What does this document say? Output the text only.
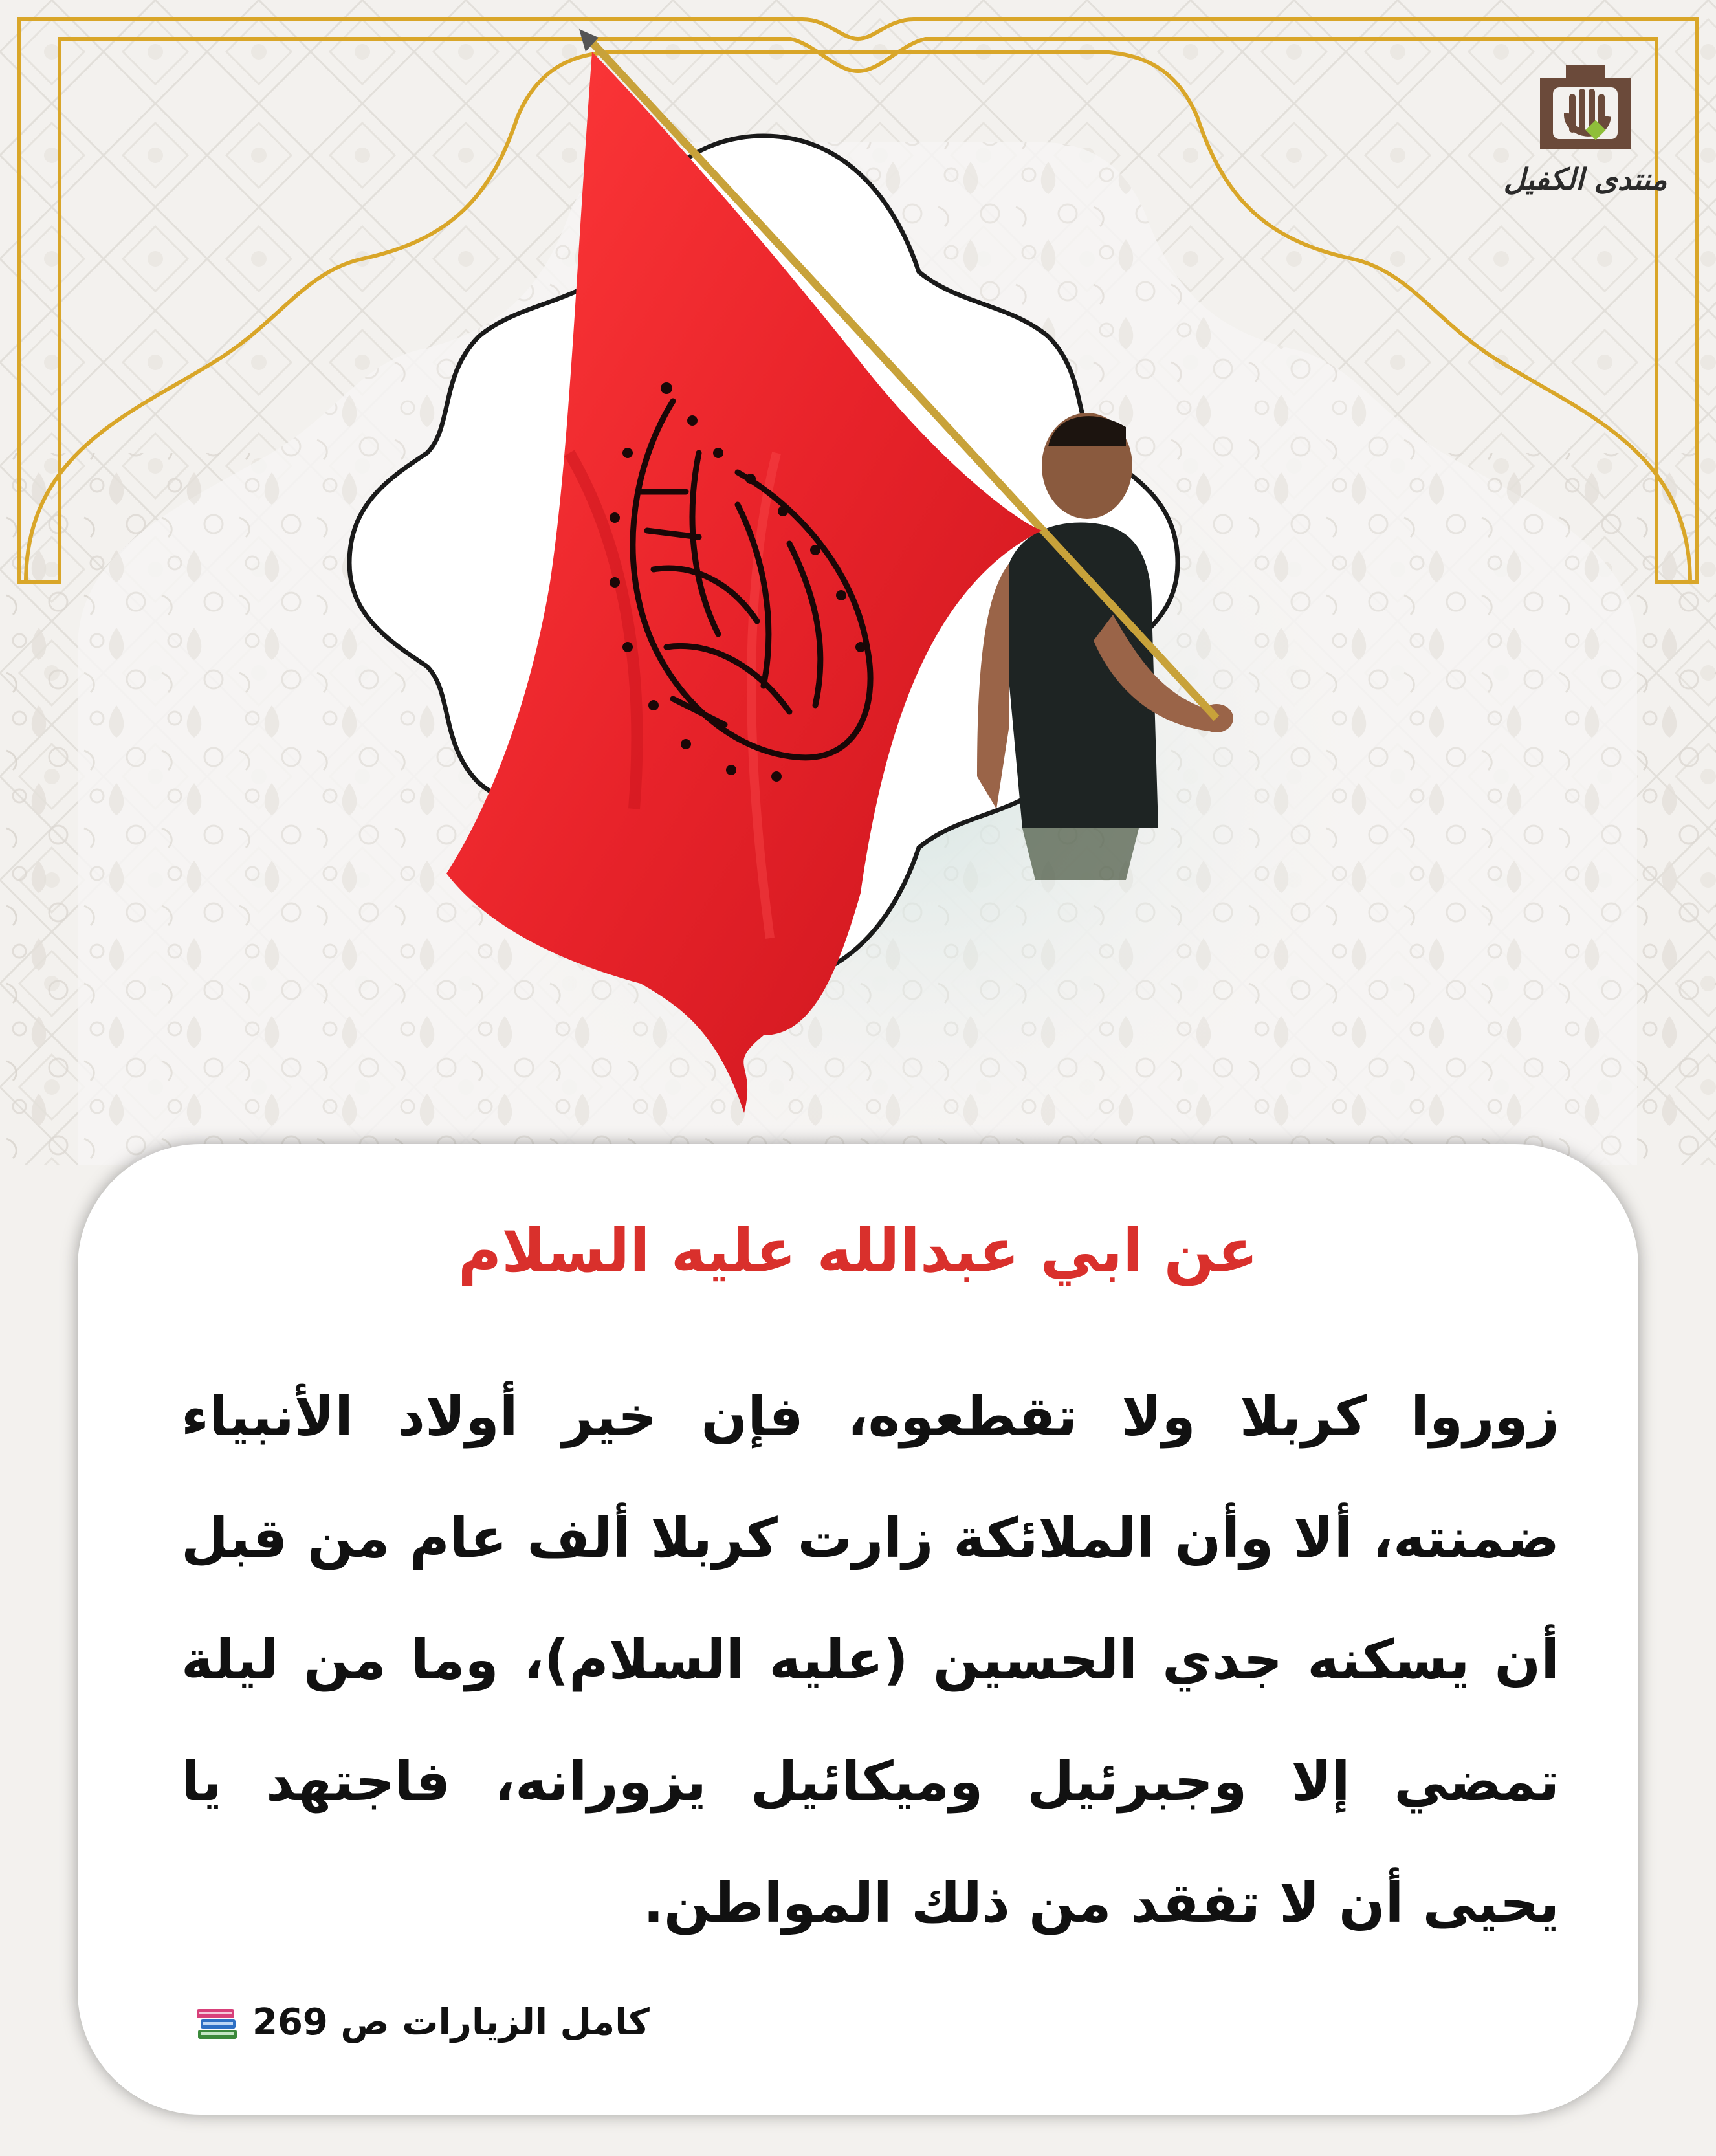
منتدى الكفيل
عن ابي عبدالله عليه السلام
زوروا كربلا ولا تقطعوه، فإن خير أولاد الأنبياء ضمنته، ألا وأن الملائكة زارت كربلا ألف عام من قبل أن يسكنه جدي الحسين (عليه السلام)، وما من ليلة تمضي إلا وجبرئيل وميكائيل يزورانه، فاجتهد يا يحيى أن لا تفقد من ذلك المواطن.
كامل الزيارات ص 269
